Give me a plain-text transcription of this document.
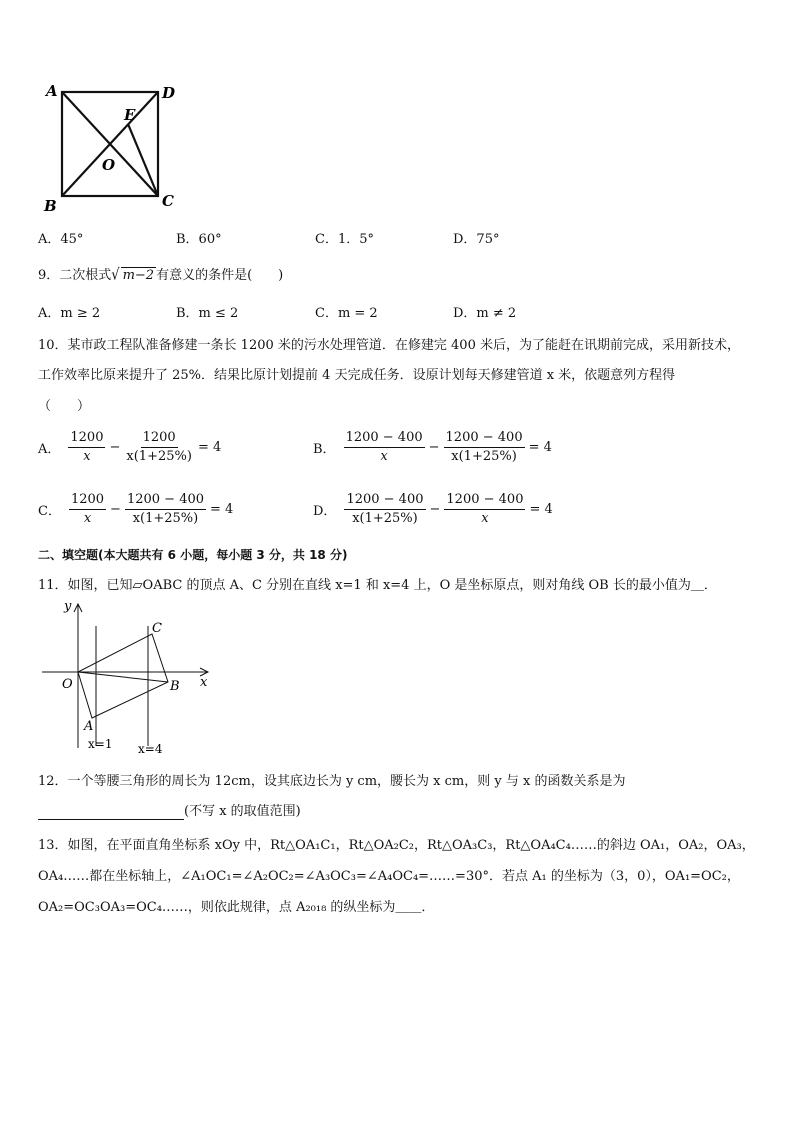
A	D
E
O
B	C
A．45°	B．60°	C．1．5°	D．75°
9．二次根式√ m−2 有意义的条件是(　　)
A．m ≥ 2	B．m ≤ 2	C．m = 2	D．m ≠ 2
10．某市政工程队准备修建一条长 1200 米的污水处理管道．在修建完 400 米后，为了能赶在讯期前完成，采用新技术，
工作效率比原来提升了 25%．结果比原计划提前 4 天完成任务．设原计划每天修建管道 x 米，依题意列方程得
（　　）
A． $\frac{1200}{x} - \frac{1200}{x(1+25\%)} = 4$	B． $\frac{1200 - 400}{x} - \frac{1200 - 400}{x(1+25\%)} = 4$
C． $\frac{1200}{x} - \frac{1200 - 400}{x(1+25\%)} = 4$	D． $\frac{1200 - 400}{x(1+25\%)} - \frac{1200 - 400}{x} = 4$
二、填空题(本大题共有 6 小题，每小题 3 分，共 18 分)
11．如图，已知▱OABC 的顶点 A、C 分别在直线 x=1 和 x=4 上，O 是坐标原点，则对角线 OB 长的最小值为＿．
y
x
O
A
B
C
x=1 x=4
12．一个等腰三角形的周长为 12cm，设其底边长为 y cm，腰长为 x cm，则 y 与 x 的函数关系是为
(不写 x 的取值范围)
13．如图，在平面直角坐标系 xOy 中，Rt△OA₁C₁，Rt△OA₂C₂，Rt△OA₃C₃，Rt△OA₄C₄……的斜边 OA₁，OA₂，OA₃，
OA₄……都在坐标轴上，∠A₁OC₁=∠A₂OC₂=∠A₃OC₃=∠A₄OC₄=……=30°．若点 A₁ 的坐标为（3，0），OA₁=OC₂，
OA₂=OC₃OA₃=OC₄……，则依此规律，点 A₂₀₁₈ 的纵坐标为＿＿．
